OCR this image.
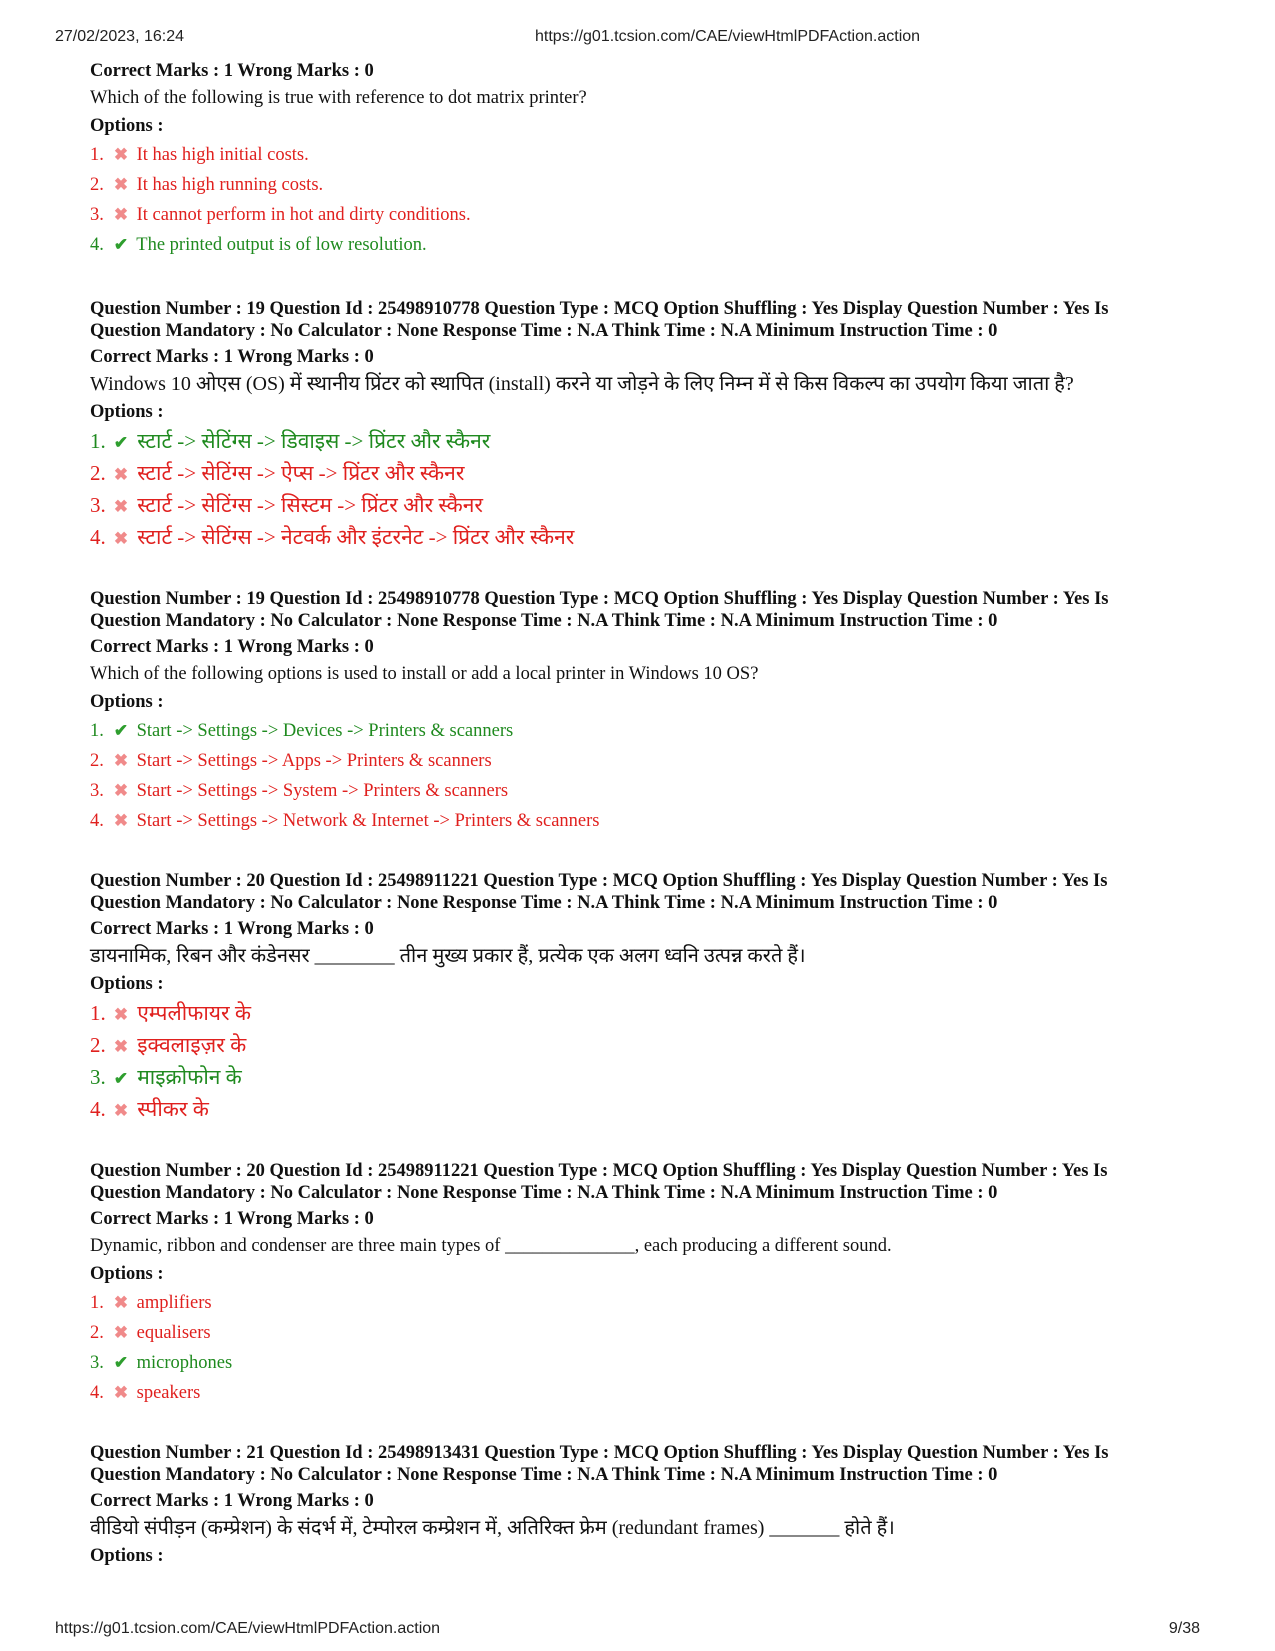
27/02/2023, 16:24	https://g01.tcsion.com/CAE/viewHtmlPDFAction.action
Correct Marks : 1 Wrong Marks : 0
Which of the following is true with reference to dot matrix printer?
Options :
1. ✖ It has high initial costs.
2. ✖ It has high running costs.
3. ✖ It cannot perform in hot and dirty conditions.
4. ✔ The printed output is of low resolution.
Question Number : 19 Question Id : 25498910778 Question Type : MCQ Option Shuffling : Yes Display Question Number : Yes Is
Question Mandatory : No Calculator : None Response Time : N.A Think Time : N.A Minimum Instruction Time : 0
Correct Marks : 1 Wrong Marks : 0
Windows 10 ओएस (OS) में स्थानीय प्रिंटर को स्थापित (install) करने या जोड़ने के लिए निम्न में से किस विकल्प का उपयोग किया जाता है?
Options :
1. ✔ स्टार्ट -> सेटिंग्स -> डिवाइस -> प्रिंटर और स्कैनर
2. ✖ स्टार्ट -> सेटिंग्स -> ऐप्स -> प्रिंटर और स्कैनर
3. ✖ स्टार्ट -> सेटिंग्स -> सिस्टम -> प्रिंटर और स्कैनर
4. ✖ स्टार्ट -> सेटिंग्स -> नेटवर्क और इंटरनेट -> प्रिंटर और स्कैनर
Question Number : 19 Question Id : 25498910778 Question Type : MCQ Option Shuffling : Yes Display Question Number : Yes Is
Question Mandatory : No Calculator : None Response Time : N.A Think Time : N.A Minimum Instruction Time : 0
Correct Marks : 1 Wrong Marks : 0
Which of the following options is used to install or add a local printer in Windows 10 OS?
Options :
1. ✔ Start -> Settings -> Devices -> Printers & scanners
2. ✖ Start -> Settings -> Apps -> Printers & scanners
3. ✖ Start -> Settings -> System -> Printers & scanners
4. ✖ Start -> Settings -> Network & Internet -> Printers & scanners
Question Number : 20 Question Id : 25498911221 Question Type : MCQ Option Shuffling : Yes Display Question Number : Yes Is
Question Mandatory : No Calculator : None Response Time : N.A Think Time : N.A Minimum Instruction Time : 0
Correct Marks : 1 Wrong Marks : 0
डायनामिक, रिबन और कंडेनसर ________ तीन मुख्य प्रकार हैं, प्रत्येक एक अलग ध्वनि उत्पन्न करते हैं।
Options :
1. ✖ एम्पलीफायर के
2. ✖ इक्वलाइज़र के
3. ✔ माइक्रोफोन के
4. ✖ स्पीकर के
Question Number : 20 Question Id : 25498911221 Question Type : MCQ Option Shuffling : Yes Display Question Number : Yes Is
Question Mandatory : No Calculator : None Response Time : N.A Think Time : N.A Minimum Instruction Time : 0
Correct Marks : 1 Wrong Marks : 0
Dynamic, ribbon and condenser are three main types of ______________, each producing a different sound.
Options :
1. ✖ amplifiers
2. ✖ equalisers
3. ✔ microphones
4. ✖ speakers
Question Number : 21 Question Id : 25498913431 Question Type : MCQ Option Shuffling : Yes Display Question Number : Yes Is
Question Mandatory : No Calculator : None Response Time : N.A Think Time : N.A Minimum Instruction Time : 0
Correct Marks : 1 Wrong Marks : 0
वीडियो संपीड़न (कम्प्रेशन) के संदर्भ में, टेम्पोरल कम्प्रेशन में, अतिरिक्त फ्रेम (redundant frames) _______ होते हैं।
Options :
https://g01.tcsion.com/CAE/viewHtmlPDFAction.action	9/38
